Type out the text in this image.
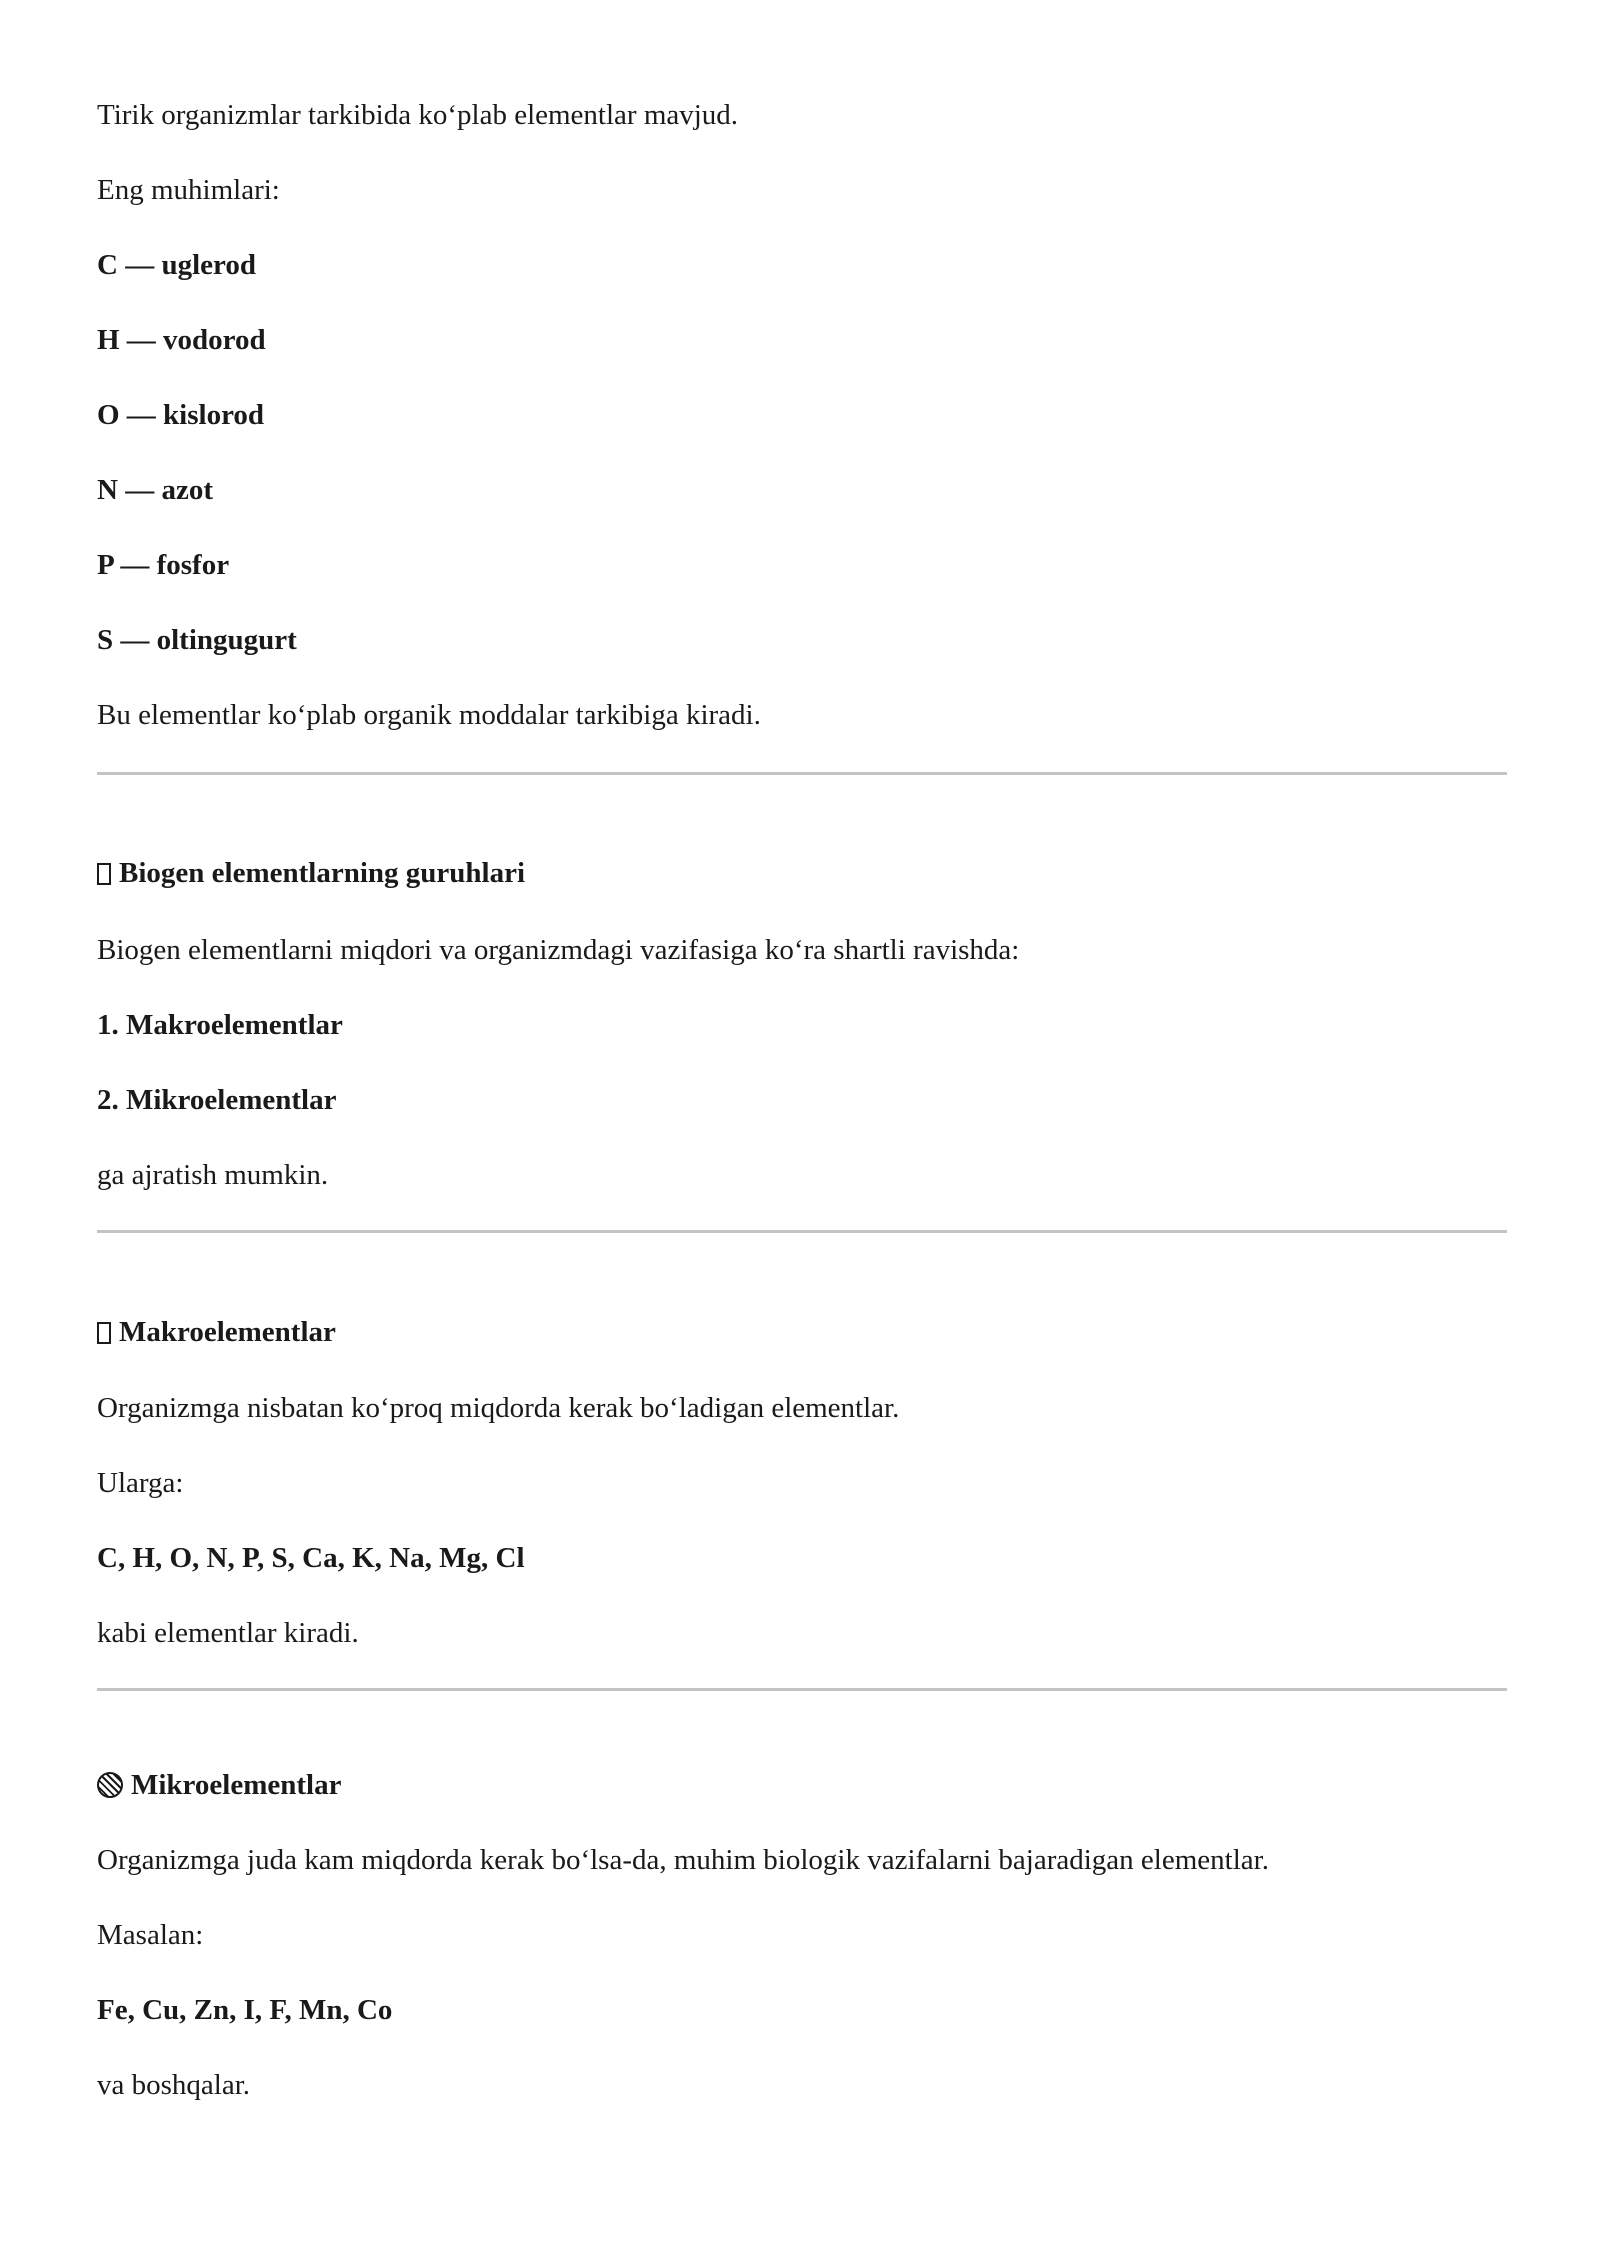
Tirik organizmlar tarkibida ko‘plab elementlar mavjud.
Eng muhimlari:
C — uglerod
H — vodorod
O — kislorod
N — azot
P — fosfor
S — oltingugurt
Bu elementlar ko‘plab organik moddalar tarkibiga kiradi.
Biogen elementlarning guruhlari
Biogen elementlarni miqdori va organizmdagi vazifasiga ko‘ra shartli ravishda:
1. Makroelementlar
2. Mikroelementlar
ga ajratish mumkin.
Makroelementlar
Organizmga nisbatan ko‘proq miqdorda kerak bo‘ladigan elementlar.
Ularga:
C, H, O, N, P, S, Ca, K, Na, Mg, Cl
kabi elementlar kiradi.
Mikroelementlar
Organizmga juda kam miqdorda kerak bo‘lsa-da, muhim biologik vazifalarni bajaradigan elementlar.
Masalan:
Fe, Cu, Zn, I, F, Mn, Co
va boshqalar.
